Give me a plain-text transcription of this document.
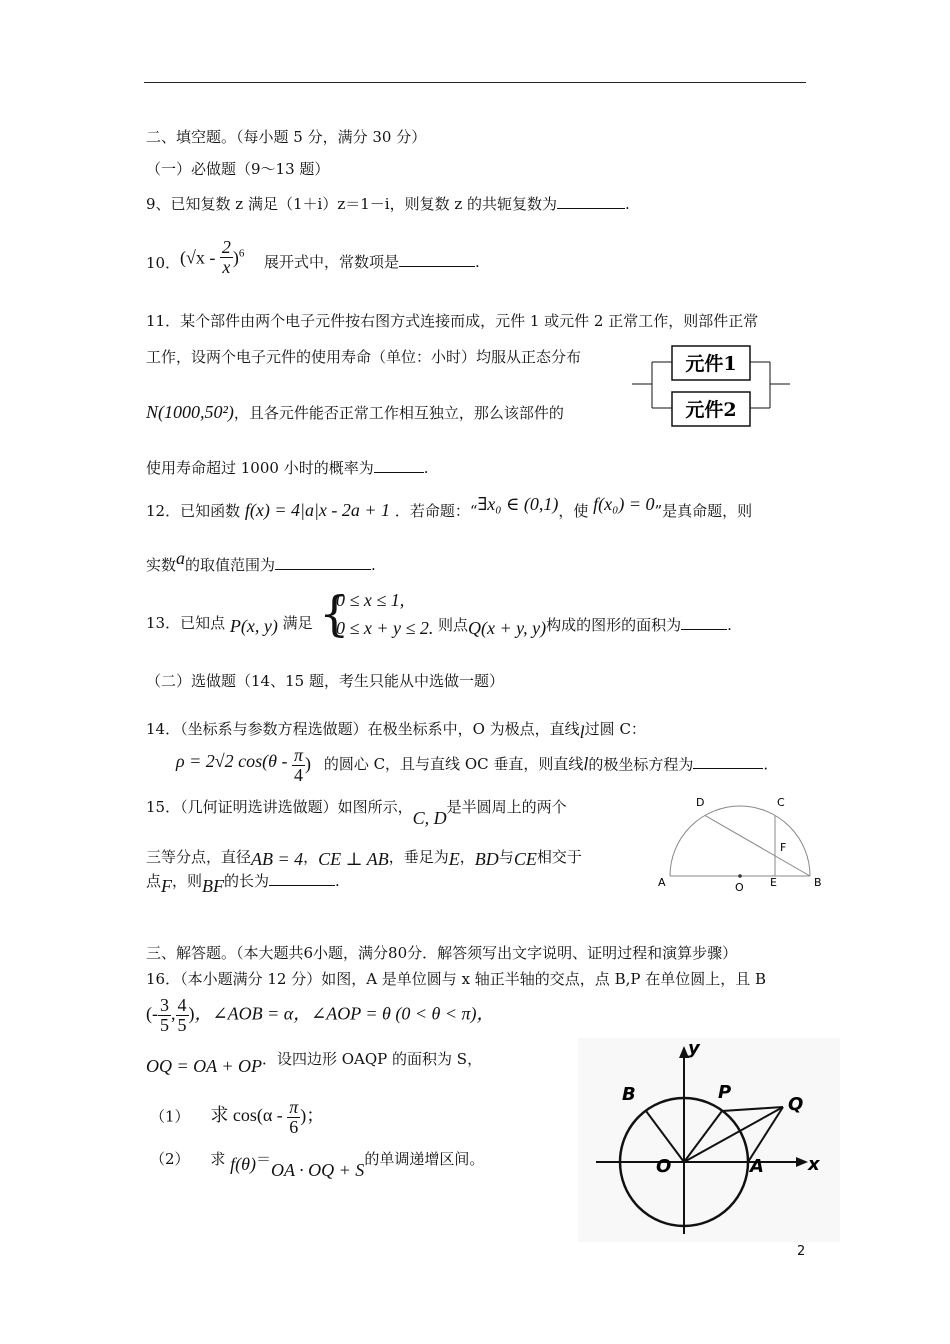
二、填空题。（每小题 5 分，满分 30 分）
（一）必做题（9～13 题）
9、已知复数 z 满足（1＋i）z＝1－i，则复数 z 的共轭复数为	.
10． $(√x - \frac{2}{x} )^6$ 展开式中，常数项是	.
11．某个部件由两个电子元件按右图方式连接而成，元件 1 或元件 2 正常工作，则部件正常
工作，设两个电子元件的使用寿命（单位：小时）均服从正态分布
N(1000,50²)，且各元件能否正常工作相互独立，那么该部件的
使用寿命超过 1000 小时的概率为	.
元件1
元件2
12．已知函数 f(x) = 4|a|x - 2a + 1 ．若命题：“∃x₀ ∈ (0,1)，使 f(x₀) = 0”是真命题，则
实数a的取值范围为	.
13．已知点 P(x, y) 满足 {
0 ≤ x ≤ 1,
0 ≤ x + y ≤ 2. 则点Q(x + y, y)构成的图形的面积为	.
（二）选做题（14、15 题，考生只能从中选做一题）
14．（坐标系与参数方程选做题）在极坐标系中，O 为极点，直线l过圆 C：
ρ = 2√2 $\cos(\theta - \frac{\pi}{4}$ ) 的圆心 C，且与直线 OC 垂直，则直线l的极坐标方程为	.
15．（几何证明选讲选做题）如图所示，C, D是半圆周上的两个
三等分点，直径AB = 4，CE ⊥ AB，垂足为E，BD与CE相交于
点F，则BF的长为	.
D	C
F
A	O E	B
三、解答题。（本大题共6小题，满分80分．解答须写出文字说明、证明过程和演算步骤）
16．（本小题满分 12 分）如图，A 是单位圆与 x 轴正半轴的交点，点 B,P 在单位圆上，且 B
(- $\frac{3}{5}$ , $\frac{4}{5}$ )，∠AOB = α，∠AOP = θ (0 < θ < π)，
OQ = OA + OP．设四边形 OAQP 的面积为 S，
（1） 求 $\cos(\alpha - \frac{\pi}{6}$ )；
（2） 求 f(θ)＝OA · OQ + S的单调递增区间。
y
x
B	P
Q
O	A
2
